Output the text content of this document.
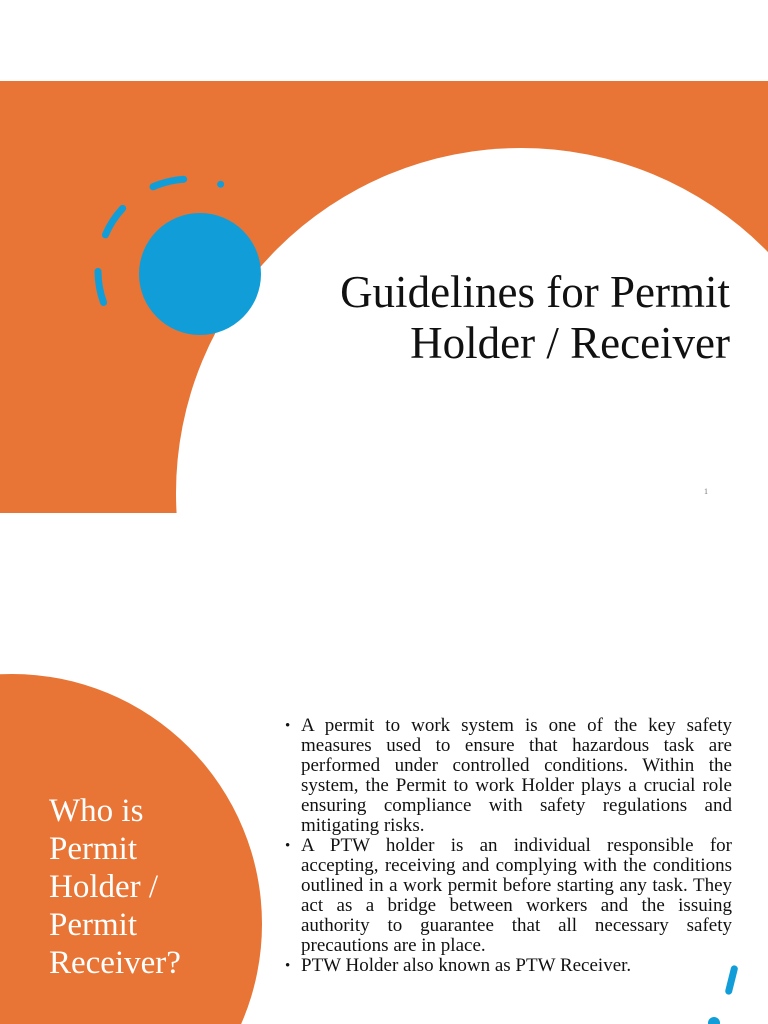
Guidelines for Permit
Holder / Receiver
1
Who is
Permit
Holder /
Permit
Receiver?
• A permit to work system is one of the key safety measures used to ensure that hazardous task are performed under controlled conditions. Within the system, the Permit to work Holder plays a crucial role ensuring compliance with safety regulations and mitigating risks.
• A PTW holder is an individual responsible for accepting, receiving and complying with the conditions outlined in a work permit before starting any task. They act as a bridge between workers and the issuing authority to guarantee that all necessary safety precautions are in place.
• PTW Holder also known as PTW Receiver.
